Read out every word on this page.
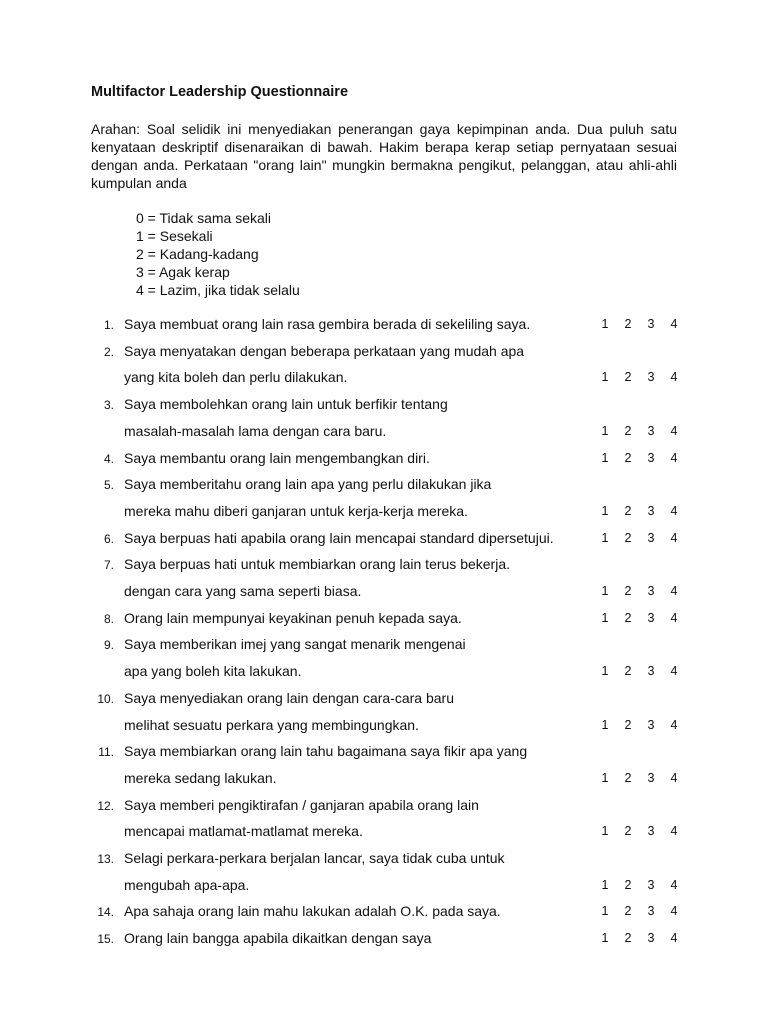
Multifactor Leadership Questionnaire
Arahan: Soal selidik ini menyediakan penerangan gaya kepimpinan anda. Dua puluh satu kenyataan deskriptif disenaraikan di bawah. Hakim berapa kerap setiap pernyataan sesuai dengan anda. Perkataan "orang lain" mungkin bermakna pengikut, pelanggan, atau ahli-ahli kumpulan anda
0 = Tidak sama sekali
1 = Sesekali
2 = Kadang-kadang
3 = Agak kerap
4 = Lazim, jika tidak selalu
1. Saya membuat orang lain rasa gembira berada di sekeliling saya.	1 2 3 4
2. Saya menyatakan dengan beberapa perkataan yang mudah apa
yang kita boleh dan perlu dilakukan.	1 2 3 4
3. Saya membolehkan orang lain untuk berfikir tentang
masalah-masalah lama dengan cara baru.	1 2 3 4
4. Saya membantu orang lain mengembangkan diri.	1 2 3 4
5. Saya memberitahu orang lain apa yang perlu dilakukan jika
mereka mahu diberi ganjaran untuk kerja-kerja mereka.	1 2 3 4
6. Saya berpuas hati apabila orang lain mencapai standard dipersetujui.	1 2 3 4
7. Saya berpuas hati untuk membiarkan orang lain terus bekerja.
dengan cara yang sama seperti biasa.	1 2 3 4
8. Orang lain mempunyai keyakinan penuh kepada saya.	1 2 3 4
9. Saya memberikan imej yang sangat menarik mengenai
apa yang boleh kita lakukan.	1 2 3 4
10. Saya menyediakan orang lain dengan cara-cara baru
melihat sesuatu perkara yang membingungkan.	1 2 3 4
11. Saya membiarkan orang lain tahu bagaimana saya fikir apa yang
mereka sedang lakukan.	1 2 3 4
12. Saya memberi pengiktirafan / ganjaran apabila orang lain
mencapai matlamat-matlamat mereka.	1 2 3 4
13. Selagi perkara-perkara berjalan lancar, saya tidak cuba untuk
mengubah apa-apa.	1 2 3 4
14. Apa sahaja orang lain mahu lakukan adalah O.K. pada saya.	1 2 3 4
15. Orang lain bangga apabila dikaitkan dengan saya	1 2 3 4
